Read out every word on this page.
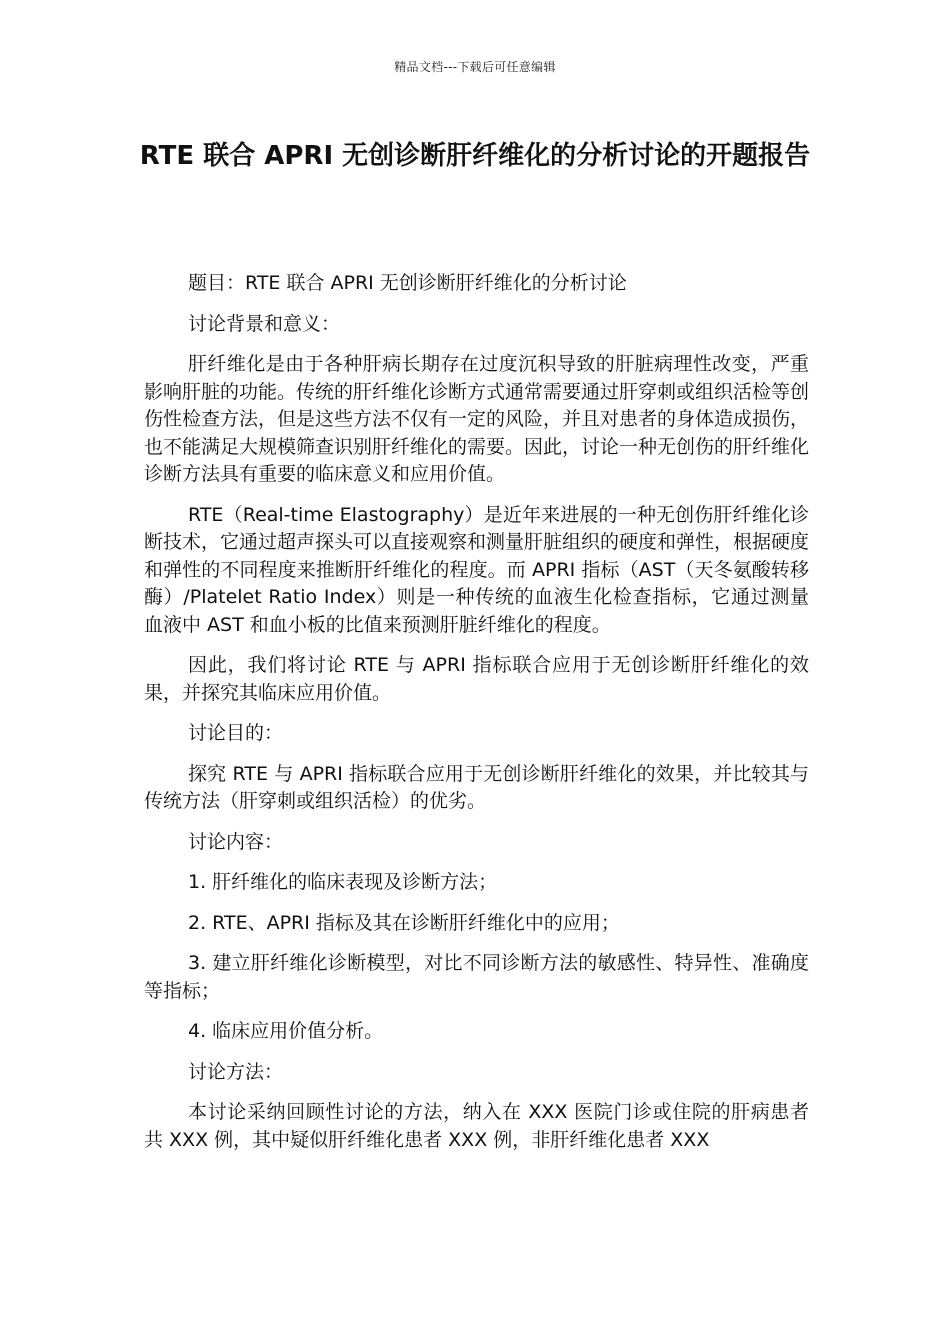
精品文档---下载后可任意编辑
RTE 联合 APRI 无创诊断肝纤维化的分析讨论的开题报告

题目：RTE 联合 APRI 无创诊断肝纤维化的分析讨论

讨论背景和意义：

肝纤维化是由于各种肝病长期存在过度沉积导致的肝脏病理性改变，严重影响肝脏的功能。传统的肝纤维化诊断方式通常需要通过肝穿刺或组织活检等创伤性检查方法，但是这些方法不仅有一定的风险，并且对患者的身体造成损伤，也不能满足大规模筛查识别肝纤维化的需要。因此，讨论一种无创伤的肝纤维化诊断方法具有重要的临床意义和应用价值。

RTE（Real-time Elastography）是近年来进展的一种无创伤肝纤维化诊断技术，它通过超声探头可以直接观察和测量肝脏组织的硬度和弹性，根据硬度和弹性的不同程度来推断肝纤维化的程度。而 APRI 指标（AST（天冬氨酸转移酶）/Platelet Ratio Index）则是一种传统的血液生化检查指标，它通过测量血液中 AST 和血小板的比值来预测肝脏纤维化的程度。

因此，我们将讨论 RTE 与 APRI 指标联合应用于无创诊断肝纤维化的效果，并探究其临床应用价值。

讨论目的：

探究 RTE 与 APRI 指标联合应用于无创诊断肝纤维化的效果，并比较其与传统方法（肝穿刺或组织活检）的优劣。

讨论内容：

1. 肝纤维化的临床表现及诊断方法；

2. RTE、APRI 指标及其在诊断肝纤维化中的应用；

3. 建立肝纤维化诊断模型，对比不同诊断方法的敏感性、特异性、准确度等指标；

4. 临床应用价值分析。

讨论方法：

本讨论采纳回顾性讨论的方法，纳入在 XXX 医院门诊或住院的肝病患者共 XXX 例，其中疑似肝纤维化患者 XXX 例，非肝纤维化患者 XXX
